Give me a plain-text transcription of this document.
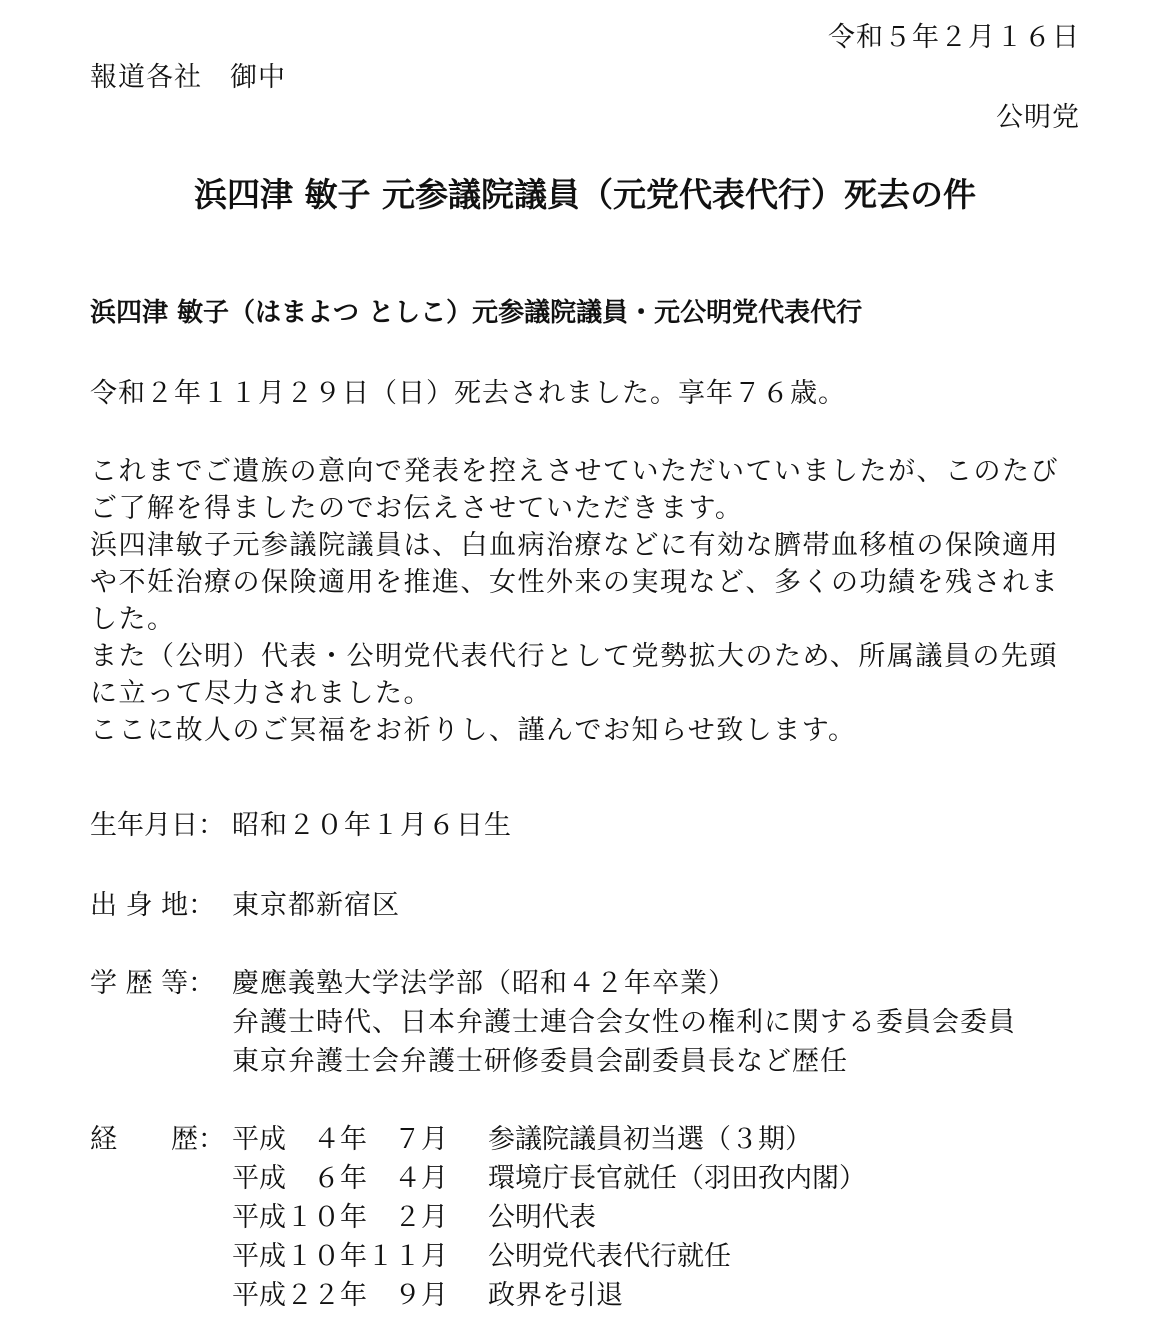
令和５年２月１６日
報道各社　御中
公明党
浜四津 敏子 元参議院議員（元党代表代行）死去の件
浜四津 敏子（はまよつ としこ）元参議院議員・元公明党代表代行
令和２年１１月２９日（日）死去されました。享年７６歳。

これまでご遺族の意向で発表を控えさせていただいていましたが、このたびご了解を得ましたのでお伝えさせていただきます。

浜四津敏子元参議院議員は、白血病治療などに有効な臍帯血移植の保険適用や不妊治療の保険適用を推進、女性外来の実現など、多くの功績を残されました。

また（公明）代表・公明党代表代行として党勢拡大のため、所属議員の先頭に立って尽力されました。

ここに故人のご冥福をお祈りし、謹んでお知らせ致します。

生年月日： 昭和２０年１月６日生
出 身 地： 東京都新宿区
学 歴 等： 慶應義塾大学法学部（昭和４２年卒業）
弁護士時代、日本弁護士連合会女性の権利に関する委員会委員
東京弁護士会弁護士研修委員会副委員長など歴任
経　　歴： 平成　４年　７月 参議院議員初当選（３期）
平成　６年　４月 環境庁長官就任（羽田孜内閣）
平成１０年　２月 公明代表
平成１０年１１月 公明党代表代行就任
平成２２年　９月 政界を引退
